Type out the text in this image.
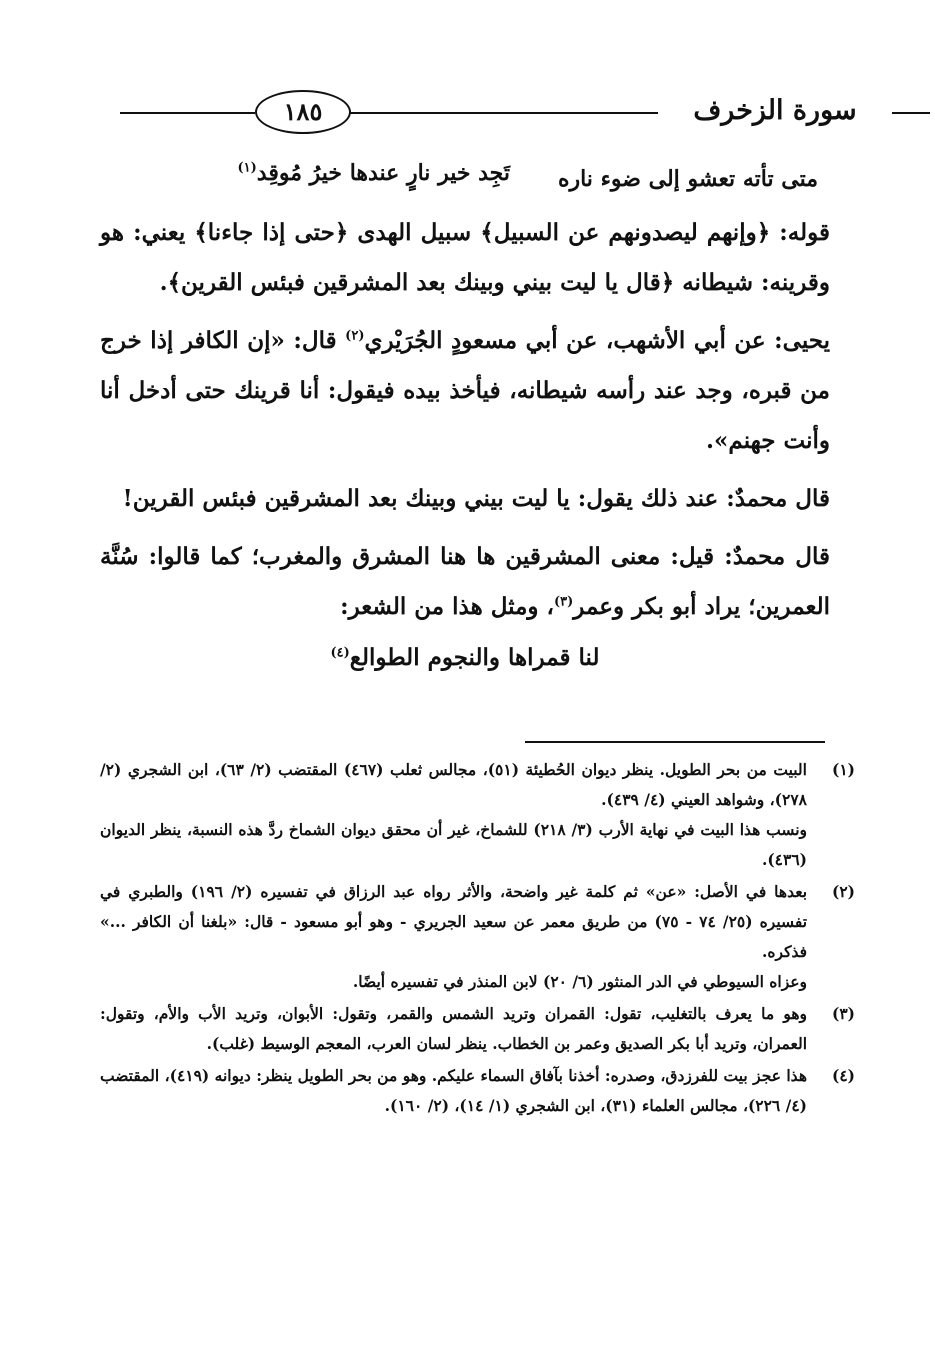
١٨٥	سورة الزخرف
متى تأته تعشو إلى ضوء ناره
تَجِد خير نارٍ عندها خيرُ مُوقِد$^{(١)}$

قوله: ﴿وإنهم ليصدونهم عن السبيل﴾ سبيل الهدى ﴿حتى إذا جاءنا﴾ يعني: هو وقرينه: شيطانه ﴿قال يا ليت بيني وبينك بعد المشرقين فبئس القرين﴾.

يحيى: عن أبي الأشهب، عن أبي مسعودٍ الجُرَيْري$^{(٢)}$ قال: «إن الكافر إذا خرج من قبره، وجد عند رأسه شيطانه، فيأخذ بيده فيقول: أنا قرينك حتى أدخل أنا وأنت جهنم».

قال محمدٌ: عند ذلك يقول: يا ليت بيني وبينك بعد المشرقين فبئس القرين!

قال محمدٌ: قيل: معنى المشرقين ها هنا المشرق والمغرب؛ كما قالوا: سُنَّة العمرين؛ يراد أبو بكر وعمر$^{(٣)}$، ومثل هذا من الشعر:

لنا قمراها والنجوم الطوالع$^{(٤)}$
(١)
البيت من بحر الطويل. ينظر ديوان الحُطيئة (٥١)، مجالس ثعلب (٤٦٧) المقتضب (٢/ ٦٣)، ابن الشجري (٢/ ٢٧٨)، وشواهد العيني (٤/ ٤٣٩).
ونسب هذا البيت في نهاية الأرب (٣/ ٢١٨) للشماخ، غير أن محقق ديوان الشماخ ردَّ هذه النسبة، ينظر الديوان (٤٣٦).
(٢)
بعدها في الأصل: «عن» ثم كلمة غير واضحة، والأثر رواه عبد الرزاق في تفسيره (٢/ ١٩٦) والطبري في تفسيره (٢٥/ ٧٤ - ٧٥) من طريق معمر عن سعيد الجريري - وهو أبو مسعود - قال: «بلغنا أن الكافر ...» فذكره.
وعزاه السيوطي في الدر المنثور (٦/ ٢٠) لابن المنذر في تفسيره أيضًا.
(٣)
وهو ما يعرف بالتغليب، تقول: القمران وتريد الشمس والقمر، وتقول: الأبوان، وتريد الأب والأم، وتقول: العمران، وتريد أبا بكر الصديق وعمر بن الخطاب. ينظر لسان العرب، المعجم الوسيط (غلب).
(٤)
هذا عجز بيت للفرزدق، وصدره: أخذنا بآفاق السماء عليكم. وهو من بحر الطويل ينظر: ديوانه (٤١٩)، المقتضب (٤/ ٢٢٦)، مجالس العلماء (٣١)، ابن الشجري (١/ ١٤)، (٢/ ١٦٠).
